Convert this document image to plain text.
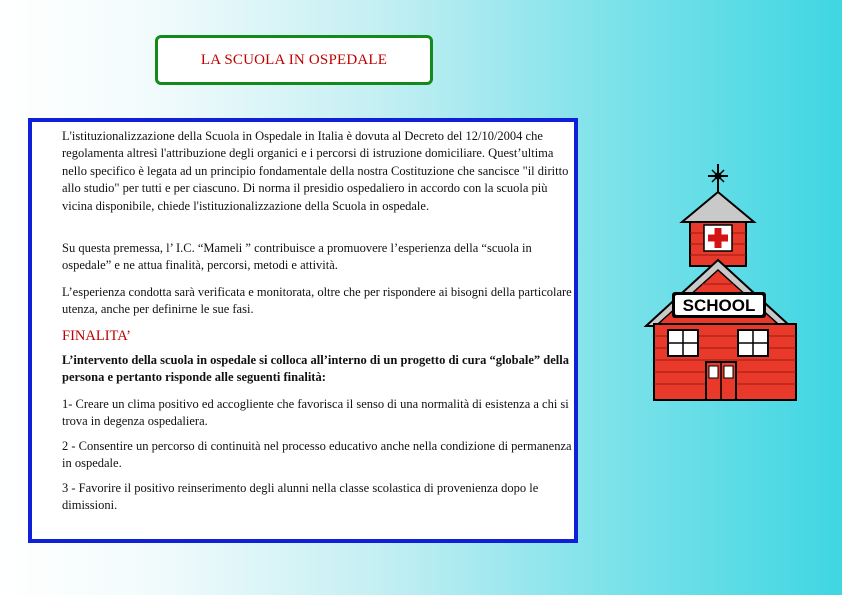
LA SCUOLA IN OSPEDALE

L'istituzionalizzazione della Scuola in Ospedale in Italia è dovuta al Decreto del 12/10/2004 che regolamenta altresì l'attribuzione degli organici e i percorsi di istruzione domiciliare. Quest’ultima nello specifico è legata ad un principio fondamentale della nostra Costituzione che sancisce "il diritto allo studio" per tutti e per ciascuno. Di norma il presidio ospedaliero in accordo con la scuola più vicina disponibile, chiede l'istituzionalizzazione della Scuola in ospedale.

Su questa premessa, l’ I.C. “Mameli ” contribuisce a promuovere l’esperienza della “scuola in ospedale” e ne attua finalità, percorsi, metodi e attività.

L’esperienza condotta sarà verificata e monitorata, oltre che per rispondere ai bisogni della particolare utenza, anche per definirne le sue fasi.

FINALITA’

L’intervento della scuola in ospedale si colloca all’interno di un progetto di cura “globale” della persona e pertanto risponde alle seguenti finalità:

1- Creare un clima positivo ed accogliente che favorisca il senso di una normalità di esistenza a chi si trova in degenza ospedaliera.

2 - Consentire un percorso di continuità nel processo educativo anche nella condizione di permanenza in ospedale.

3 - Favorire il positivo reinserimento degli alunni nella classe scolastica di provenienza dopo le dimissioni.

SCHOOL
